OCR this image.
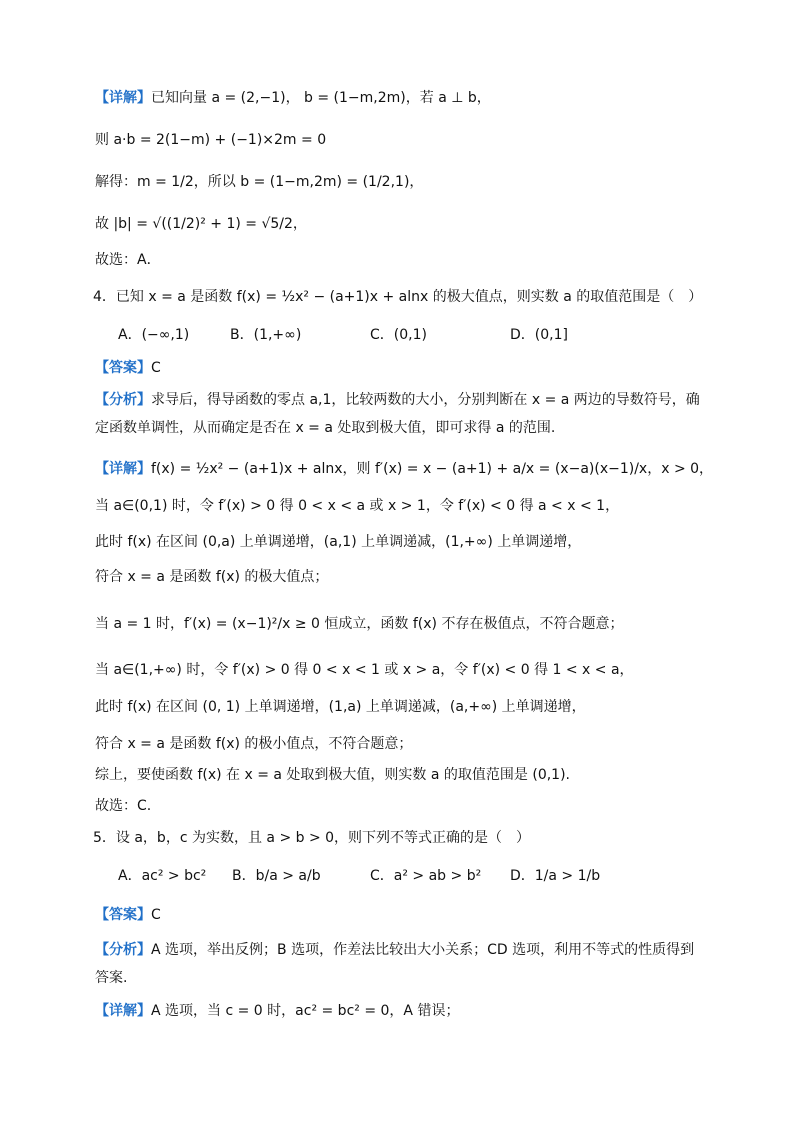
【详解】已知向量 a = (2,−1)， b = (1−m,2m)，若 a ⊥ b，
则 a·b = 2(1−m) + (−1)×2m = 0
解得：m = 1/2，所以 b = (1−m,2m) = (1/2,1)，
故 |b| = √((1/2)² + 1) = √5/2，
故选：A．
4．已知 x = a 是函数 f(x) = ½x² − (a+1)x + alnx 的极大值点，则实数 a 的取值范围是（　）
A．(−∞,1)	B．(1,+∞)	C．(0,1)	D．(0,1]
【答案】C
【分析】求导后，得导函数的零点 a,1，比较两数的大小，分别判断在 x = a 两边的导数符号，确定函数单调性，从而确定是否在 x = a 处取到极大值，即可求得 a 的范围.
【详解】f(x) = ½x² − (a+1)x + alnx，则 f′(x) = x − (a+1) + a/x = (x−a)(x−1)/x，x > 0，
当 a∈(0,1) 时，令 f′(x) > 0 得 0 < x < a 或 x > 1，令 f′(x) < 0 得 a < x < 1，
此时 f(x) 在区间 (0,a) 上单调递增，(a,1) 上单调递减，(1,+∞) 上单调递增，
符合 x = a 是函数 f(x) 的极大值点；
当 a = 1 时，f′(x) = (x−1)²/x ≥ 0 恒成立，函数 f(x) 不存在极值点，不符合题意；
当 a∈(1,+∞) 时，令 f′(x) > 0 得 0 < x < 1 或 x > a，令 f′(x) < 0 得 1 < x < a，
此时 f(x) 在区间 (0, 1) 上单调递增，(1,a) 上单调递减，(a,+∞) 上单调递增，
符合 x = a 是函数 f(x) 的极小值点，不符合题意；
综上，要使函数 f(x) 在 x = a 处取到极大值，则实数 a 的取值范围是 (0,1).
故选：C.
5．设 a，b，c 为实数，且 a > b > 0，则下列不等式正确的是（　）
A．ac² > bc² B．b/a > a/b	C．a² > ab > b² D．1/a > 1/b
【答案】C
【分析】A 选项，举出反例；B 选项，作差法比较出大小关系；CD 选项，利用不等式的性质得到答案.
【详解】A 选项，当 c = 0 时，ac² = bc² = 0，A 错误；
